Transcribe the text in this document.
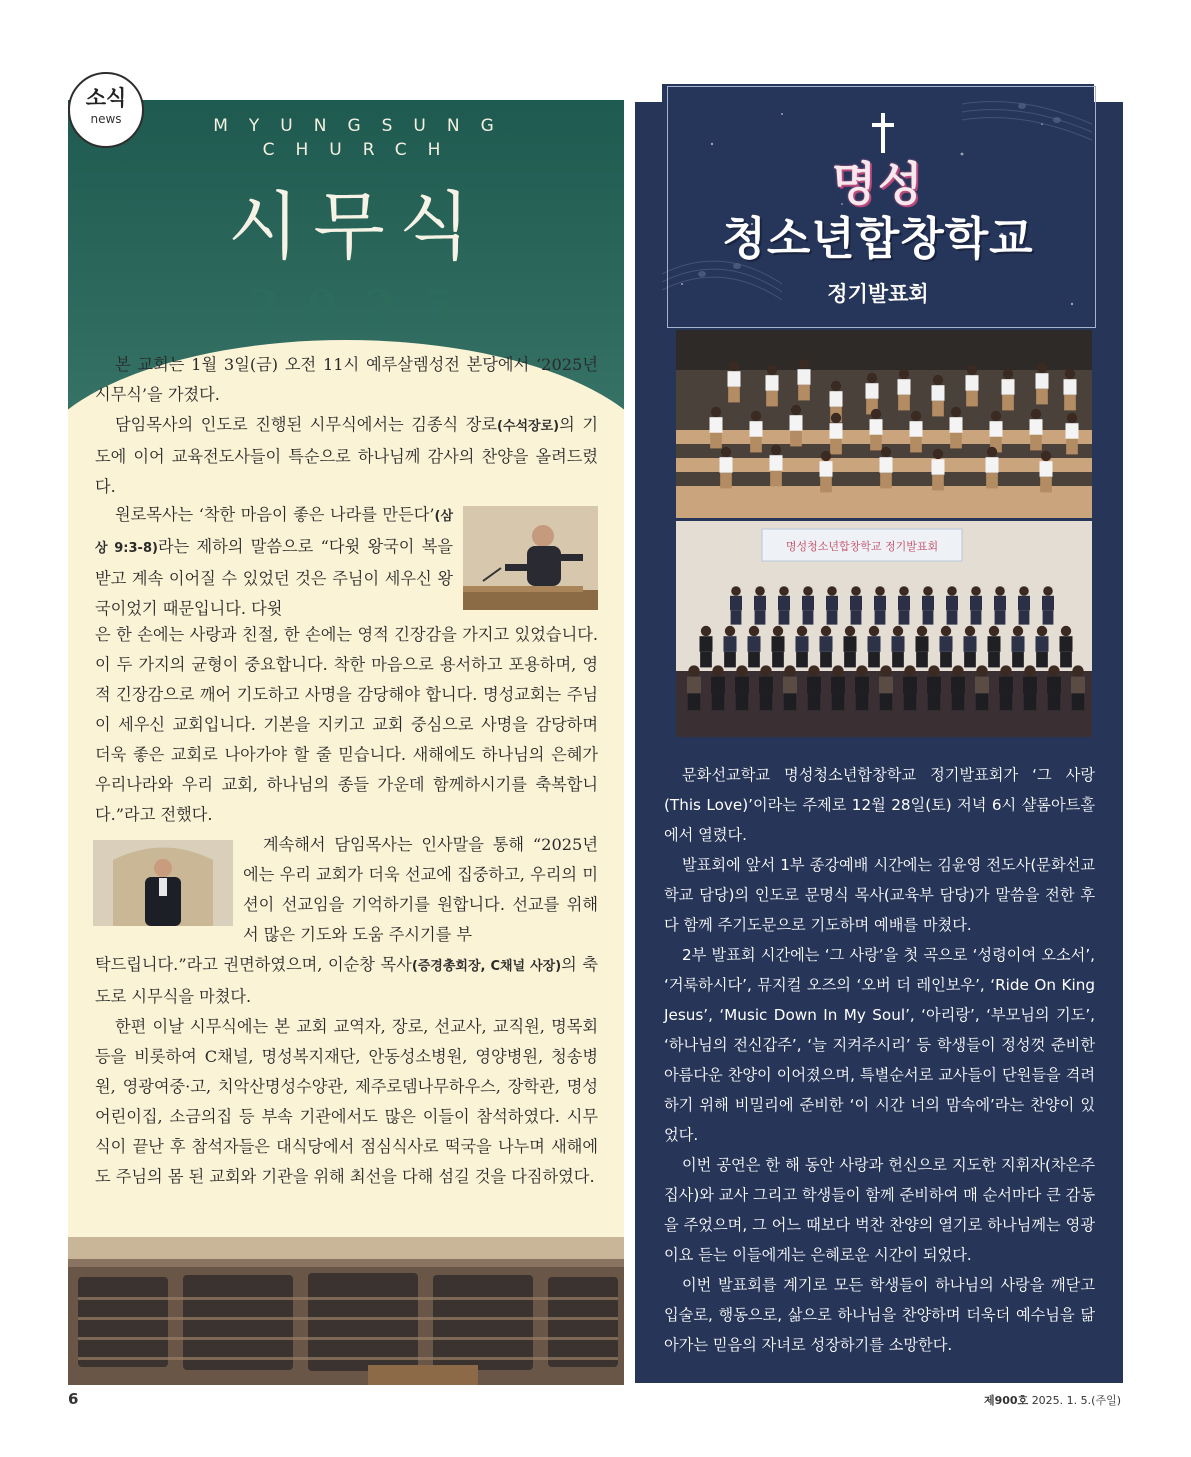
소식
news	MYUNGSUNG
CHURCH
시무식
2025

본 교회는 1월 3일(금) 오전 11시 예루살렘성전 본당에서 ‘2025년 시무식’을 가졌다.

담임목사의 인도로 진행된 시무식에서는 김종식 장로(수석장로)의 기도에 이어 교육전도사들이 특순으로 하나님께 감사의 찬양을 올려드렸다.

원로목사는 ‘착한 마음이 좋은 나라를 만든다’(삼상 9:3-8)라는 제하의 말씀으로 “다윗 왕국이 복을 받고 계속 이어질 수 있었던 것은 주님이 세우신 왕국이었기 때문입니다. 다윗

은 한 손에는 사랑과 친절, 한 손에는 영적 긴장감을 가지고 있었습니다. 이 두 가지의 균형이 중요합니다. 착한 마음으로 용서하고 포용하며, 영적 긴장감으로 깨어 기도하고 사명을 감당해야 합니다. 명성교회는 주님이 세우신 교회입니다. 기본을 지키고 교회 중심으로 사명을 감당하며 더욱 좋은 교회로 나아가야 할 줄 믿습니다. 새해에도 하나님의 은혜가 우리나라와 우리 교회, 하나님의 종들 가운데 함께하시기를 축복합니다.”라고 전했다.

계속해서 담임목사는 인사말을 통해 “2025년에는 우리 교회가 더욱 선교에 집중하고, 우리의 미션이 선교임을 기억하기를 원합니다. 선교를 위해서 많은 기도와 도움 주시기를 부

탁드립니다.”라고 권면하였으며, 이순창 목사(증경총회장, C채널 사장)의 축도로 시무식을 마쳤다.

한편 이날 시무식에는 본 교회 교역자, 장로, 선교사, 교직원, 명목회 등을 비롯하여 C채널, 명성복지재단, 안동성소병원, 영양병원, 청송병원, 영광여중·고, 치악산명성수양관, 제주로뎀나무하우스, 장학관, 명성어린이집, 소금의집 등 부속 기관에서도 많은 이들이 참석하였다. 시무식이 끝난 후 참석자들은 대식당에서 점심식사로 떡국을 나누며 새해에도 주님의 몸 된 교회와 기관을 위해 최선을 다해 섬길 것을 다짐하였다.

명성
청소년합창학교
정기발표회
명성청소년합창학교 정기발표회

문화선교학교 명성청소년합창학교 정기발표회가 ‘그 사랑(This Love)’이라는 주제로 12월 28일(토) 저녁 6시 샬롬아트홀에서 열렸다.

발표회에 앞서 1부 종강예배 시간에는 김윤영 전도사(문화선교학교 담당)의 인도로 문명식 목사(교육부 담당)가 말씀을 전한 후 다 함께 주기도문으로 기도하며 예배를 마쳤다.

2부 발표회 시간에는 ‘그 사랑’을 첫 곡으로 ‘성령이여 오소서’, ‘거룩하시다’, 뮤지컬 오즈의 ‘오버 더 레인보우’, ‘Ride On King Jesus’, ‘Music Down In My Soul’, ‘아리랑’, ‘부모님의 기도’, ‘하나님의 전신갑주’, ‘늘 지켜주시리’ 등 학생들이 정성껏 준비한 아름다운 찬양이 이어졌으며, 특별순서로 교사들이 단원들을 격려하기 위해 비밀리에 준비한 ‘이 시간 너의 맘속에’라는 찬양이 있었다.

이번 공연은 한 해 동안 사랑과 헌신으로 지도한 지휘자(차은주 집사)와 교사 그리고 학생들이 함께 준비하여 매 순서마다 큰 감동을 주었으며, 그 어느 때보다 벅찬 찬양의 열기로 하나님께는 영광이요 듣는 이들에게는 은혜로운 시간이 되었다.

이번 발표회를 계기로 모든 학생들이 하나님의 사랑을 깨닫고 입술로, 행동으로, 삶으로 하나님을 찬양하며 더욱더 예수님을 닮아가는 믿음의 자녀로 성장하기를 소망한다.

6	제900호 2025. 1. 5.(주일)
